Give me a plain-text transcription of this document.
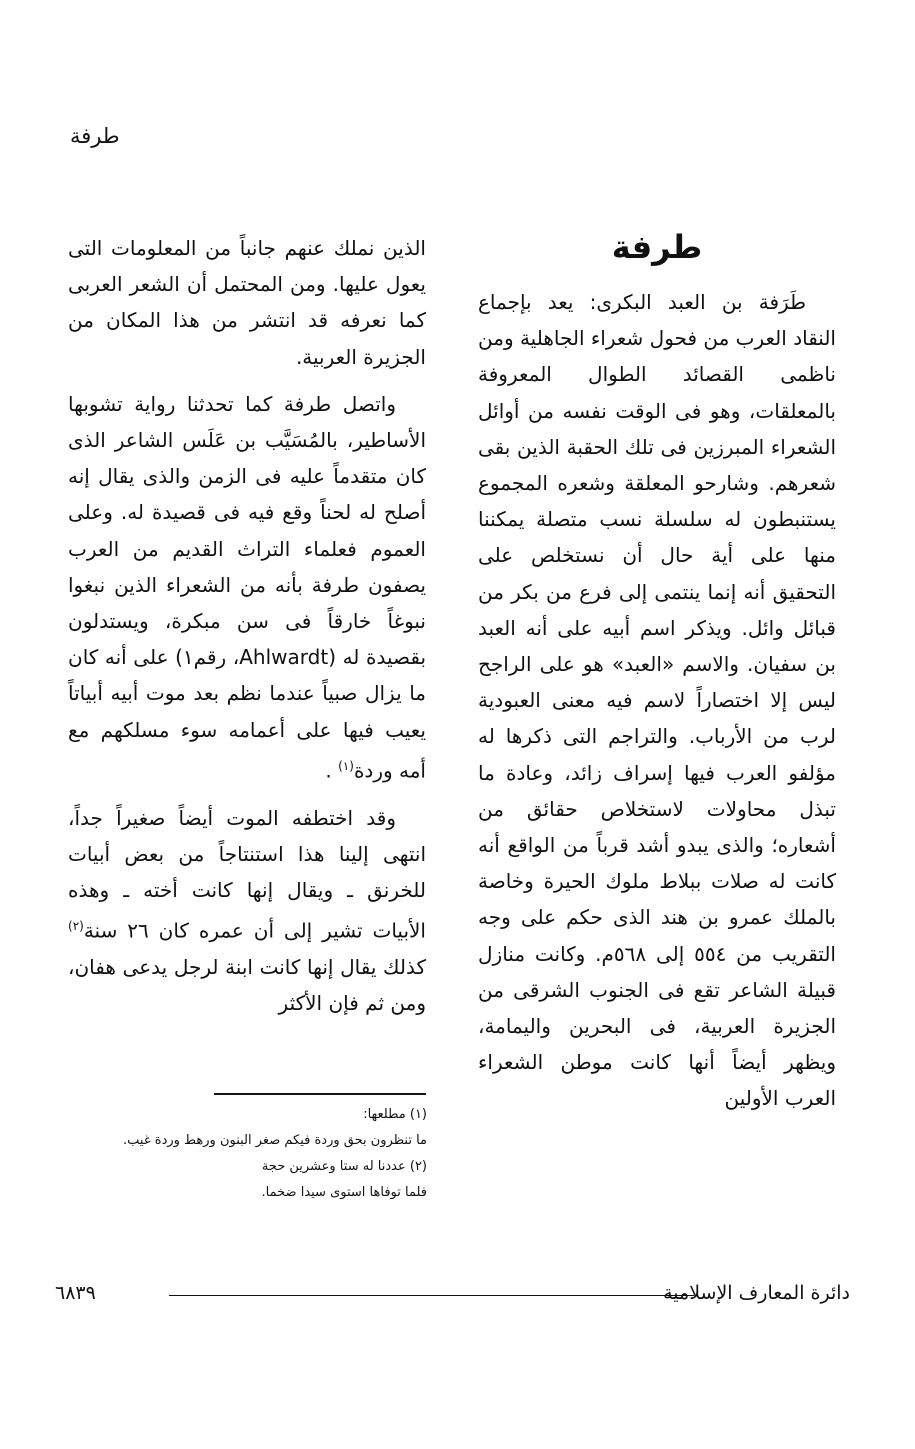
طرفة
طرفة

طَرَفة بن العبد البكرى: يعد بإجماع النقاد العرب من فحول شعراء الجاهلية ومن ناظمى القصائد الطوال المعروفة بالمعلقات، وهو فى الوقت نفسه من أوائل الشعراء المبرزين فى تلك الحقبة الذين بقى شعرهم. وشارحو المعلقة وشعره المجموع يستنبطون له سلسلة نسب متصلة يمكننا منها على أية حال أن نستخلص على التحقيق أنه إنما ينتمى إلى فرع من بكر من قبائل وائل. ويذكر اسم أبيه على أنه العبد بن سفيان. والاسم «العبد» هو على الراجح ليس إلا اختصاراً لاسم فيه معنى العبودية لرب من الأرباب. والتراجم التى ذكرها له مؤلفو العرب فيها إسراف زائد، وعادة ما تبذل محاولات لاستخلاص حقائق من أشعاره؛ والذى يبدو أشد قرباً من الواقع أنه كانت له صلات ببلاط ملوك الحيرة وخاصة بالملك عمرو بن هند الذى حكم على وجه التقريب من ٥٥٤ إلى ٥٦٨م. وكانت منازل قبيلة الشاعر تقع فى الجنوب الشرقى من الجزيرة العربية، فى البحرين واليمامة، ويظهر أيضاً أنها كانت موطن الشعراء العرب الأولين

الذين نملك عنهم جانباً من المعلومات التى يعول عليها. ومن المحتمل أن الشعر العربى كما نعرفه قد انتشر من هذا المكان من الجزيرة العربية.

واتصل طرفة كما تحدثنا رواية تشوبها الأساطير، بالمُسَيَّب بن عَلَس الشاعر الذى كان متقدماً عليه فى الزمن والذى يقال إنه أصلح له لحناً وقع فيه فى قصيدة له. وعلى العموم فعلماء التراث القديم من العرب يصفون طرفة بأنه من الشعراء الذين نبغوا نبوغاً خارقاً فى سن مبكرة، ويستدلون بقصيدة له (Ahlwardt، رقم١) على أنه كان ما يزال صبياً عندما نظم بعد موت أبيه أبياتاً يعيب فيها على أعمامه سوء مسلكهم مع أمه وردة$^{(١)}$ .

وقد اختطفه الموت أيضاً صغيراً جداً، انتهى إلينا هذا استنتاجاً من بعض أبيات للخرنق ـ ويقال إنها كانت أخته ـ وهذه الأبيات تشير إلى أن عمره كان ٢٦ سنة$^{(٢)}$ كذلك يقال إنها كانت ابنة لرجل يدعى هفان، ومن ثم فإن الأكثر

(١) مطلعها:
ما تنظرون بحق وردة فيكم صغر البنون ورهط وردة غيب.
(٢) عددنا له ستا وعشرين حجة
فلما توفاها استوى سيدا ضخما.
٦٨٣٩	دائرة المعارف الإسلامية
